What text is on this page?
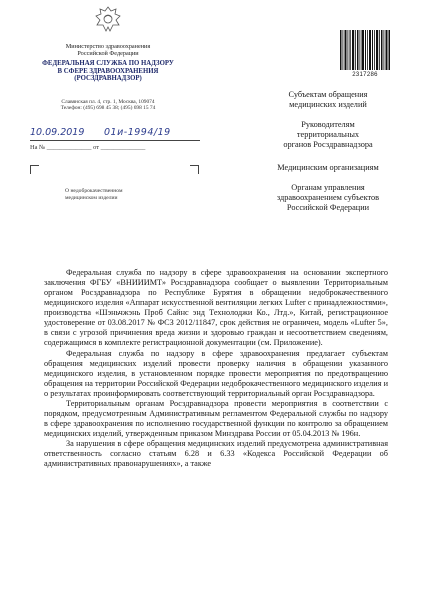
Министерство здравоохранения
Российской Федерации
ФЕДЕРАЛЬНАЯ СЛУЖБА ПО НАДЗОРУ
В СФЕРЕ ЗДРАВООХРАНЕНИЯ
(РОСЗДРАВНАДЗОР)
Славянская пл. 4, стр. 1, Москва, 109074
Телефон: (495) 698 45 38; (495) 698 15 74
10.09.2019 01и-1994/19
На № ______________ от ______________
О недоброкачественном
медицинском изделии
2317286
Субъектам обращения
медицинских изделий
Руководителям
территориальных
органов Росздравнадзора
Медицинским организациям
Органам управления
здравоохранением субъектов
Российской Федерации

Федеральная служба по надзору в сфере здравоохранения на основании экспертного заключения ФГБУ «ВНИИИМТ» Росздравнадзора сообщает о выявлении Территориальным органом Росздравнадзора по Республике Бурятия в обращении недоброкачественного медицинского изделия «Аппарат искусственной вентиляции легких Lufter с принадлежностями», производства «Шэньчжэнь Проб Сайнс энд Технолоджи Ко., Лтд.», Китай, регистрационное удостоверение от 03.08.2017 № ФСЗ 2012/11847, срок действия не ограничен, модель «Lufter 5», в связи с угрозой причинения вреда жизни и здоровью граждан и несоответствием сведениям, содержащимся в комплекте регистрационной документации (см. Приложение).

Федеральная служба по надзору в сфере здравоохранения предлагает субъектам обращения медицинских изделий провести проверку наличия в обращении указанного медицинского изделия, в установленном порядке провести мероприятия по предотвращению обращения на территории Российской Федерации недоброкачественного медицинского изделия и о результатах проинформировать соответствующий территориальный орган Росздравнадзора.

Территориальным органам Росздравнадзора провести мероприятия в соответствии с порядком, предусмотренным Административным регламентом Федеральной службы по надзору в сфере здравоохранения по исполнению государственной функции по контролю за обращением медицинских изделий, утвержденным приказом Минздрава России от 05.04.2013 № 196н.

За нарушения в сфере обращения медицинских изделий предусмотрена административная ответственность согласно статьям 6.28 и 6.33 «Кодекса Российской Федерации об административных правонарушениях», а также
